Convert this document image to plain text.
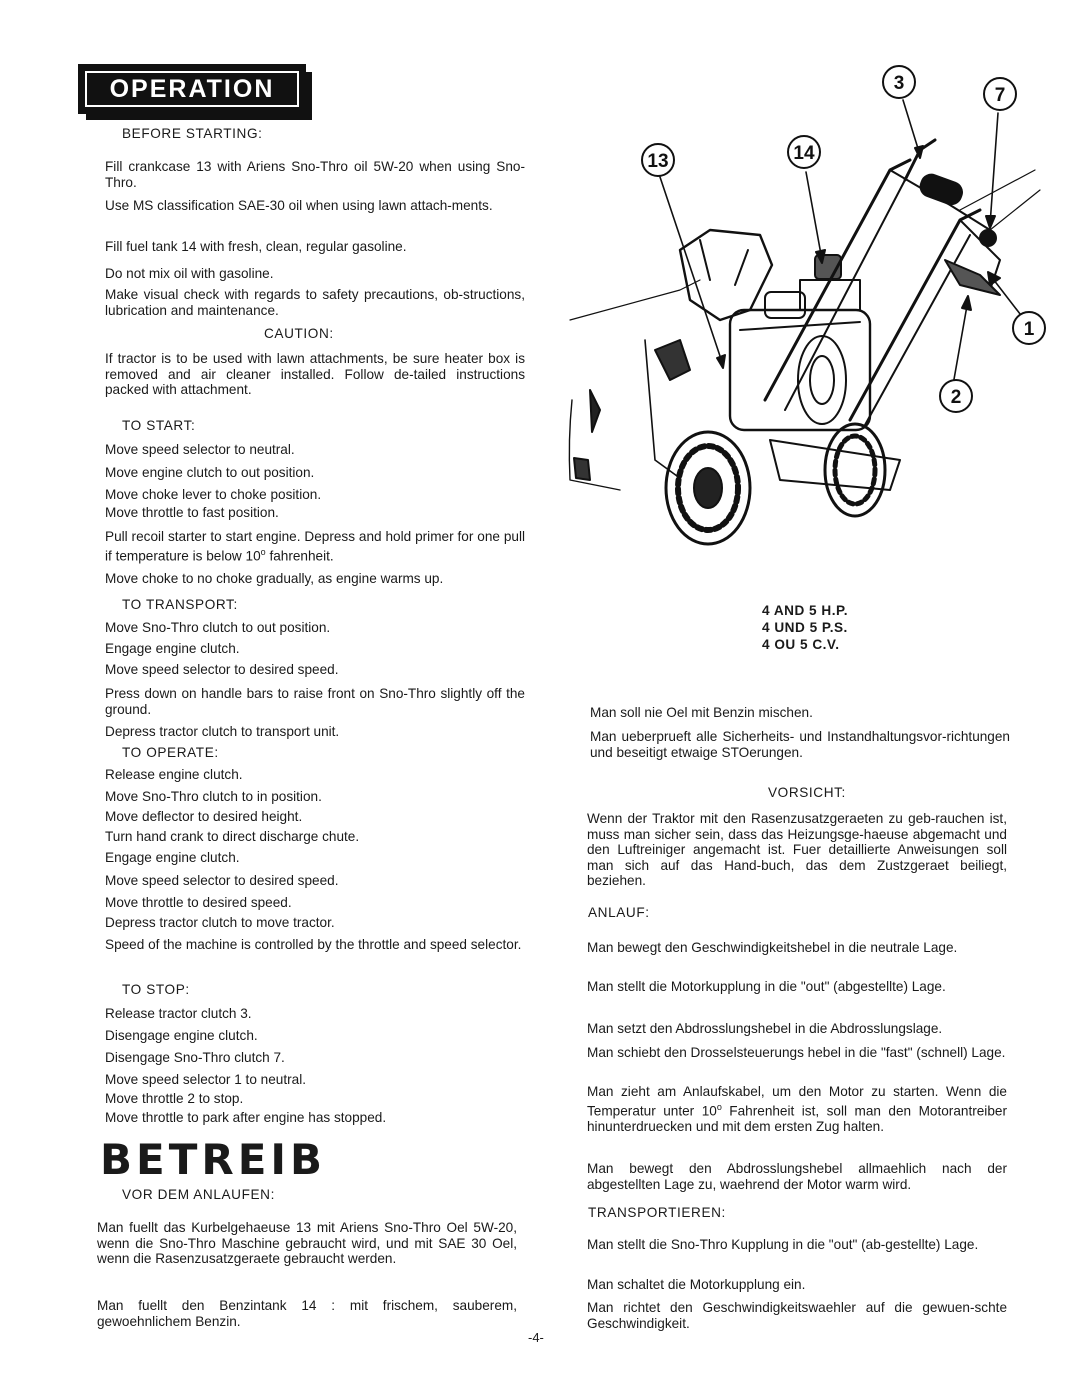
OPERATION
BEFORE STARTING:

Fill crankcase 13 with Ariens Sno-Thro oil 5W-20 when using Sno-Thro.

Use MS classification SAE-30 oil when using lawn attach-ments.

Fill fuel tank 14 with fresh, clean, regular gasoline.

Do not mix oil with gasoline.

Make visual check with regards to safety precautions, ob-structions, lubrication and maintenance.

CAUTION:

If tractor is to be used with lawn attachments, be sure heater box is removed and air cleaner installed. Follow de-tailed instructions packed with attachment.

TO START:

Move speed selector to neutral.

Move engine clutch to out position.

Move choke lever to choke position.

Move throttle to fast position.

Pull recoil starter to start engine. Depress and hold primer for one pull if temperature is below 10$^o$ fahrenheit.

Move choke to no choke gradually, as engine warms up.

TO TRANSPORT:

Move Sno-Thro clutch to out position.

Engage engine clutch.

Move speed selector to desired speed.

Press down on handle bars to raise front on Sno-Thro slightly off the ground.

Depress tractor clutch to transport unit.

TO OPERATE:

Release engine clutch.

Move Sno-Thro clutch to in position.

Move deflector to desired height.

Turn hand crank to direct discharge chute.

Engage engine clutch.

Move speed selector to desired speed.

Move throttle to desired speed.

Depress tractor clutch to move tractor.

Speed of the machine is controlled by the throttle and speed selector.

TO STOP:

Release tractor clutch 3.

Disengage engine clutch.

Disengage Sno-Thro clutch 7.

Move speed selector 1 to neutral.

Move throttle 2 to stop.

Move throttle to park after engine has stopped.

BETREIB
VOR DEM ANLAUFEN:

Man fuellt das Kurbelgehaeuse 13 mit Ariens Sno-Thro Oel 5W-20, wenn die Sno-Thro Maschine gebraucht wird, und mit SAE 30 Oel, wenn die Rasenzusatzgeraete gebraucht werden.

Man fuellt den Benzintank 14 : mit frischem, sauberem, gewoehnlichem Benzin.

-4-
3
7
13	14
1
2
4 AND 5 H.P.
4 UND 5 P.S.
4 OU 5 C.V.

Man soll nie Oel mit Benzin mischen.

Man ueberprueft alle Sicherheits- und Instandhaltungsvor-richtungen und beseitigt etwaige STOerungen.

VORSICHT:

Wenn der Traktor mit den Rasenzusatzgeraeten zu geb-rauchen ist, muss man sicher sein, dass das Heizungsge-haeuse abgemacht und den Luftreiniger angemacht ist. Fuer detaillierte Anweisungen soll man sich auf das Hand-buch, das dem Zustzgeraet beiliegt, beziehen.

ANLAUF:

Man bewegt den Geschwindigkeitshebel in die neutrale Lage.

Man stellt die Motorkupplung in die "out" (abgestellte) Lage.

Man setzt den Abdrosslungshebel in die Abdrosslungslage.

Man schiebt den Drosselsteuerungs hebel in die "fast" (schnell) Lage.

Man zieht am Anlaufskabel, um den Motor zu starten. Wenn die Temperatur unter 10$^o$ Fahrenheit ist, soll man den Motorantreiber hinunterdruecken und mit dem ersten Zug halten.

Man bewegt den Abdrosslungshebel allmaehlich nach der abgestellten Lage zu, waehrend der Motor warm wird.

TRANSPORTIEREN:

Man stellt die Sno-Thro Kupplung in die "out" (ab-gestellte) Lage.

Man schaltet die Motorkupplung ein.

Man richtet den Geschwindigkeitswaehler auf die gewuen-schte Geschwindigkeit.
